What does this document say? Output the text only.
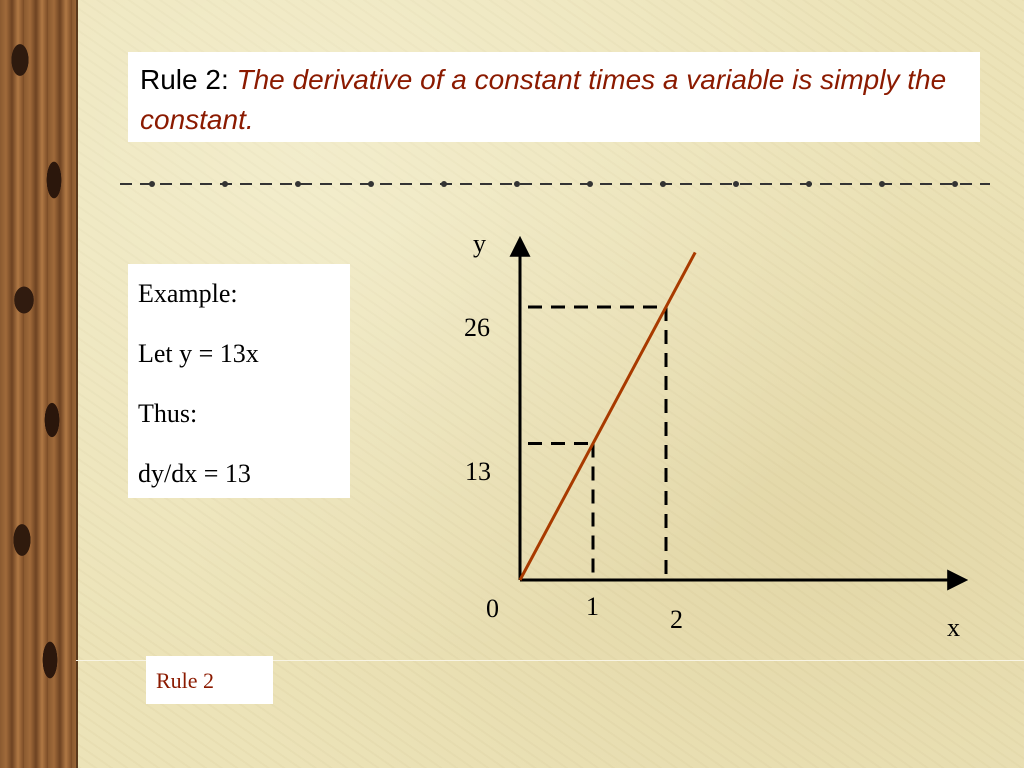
Rule 2: The derivative of a constant times a variable is simply the constant.
Example:
Let y = 13x
Thus:
dy/dx = 13
y
x
0
26
13
1	2
Rule 2
